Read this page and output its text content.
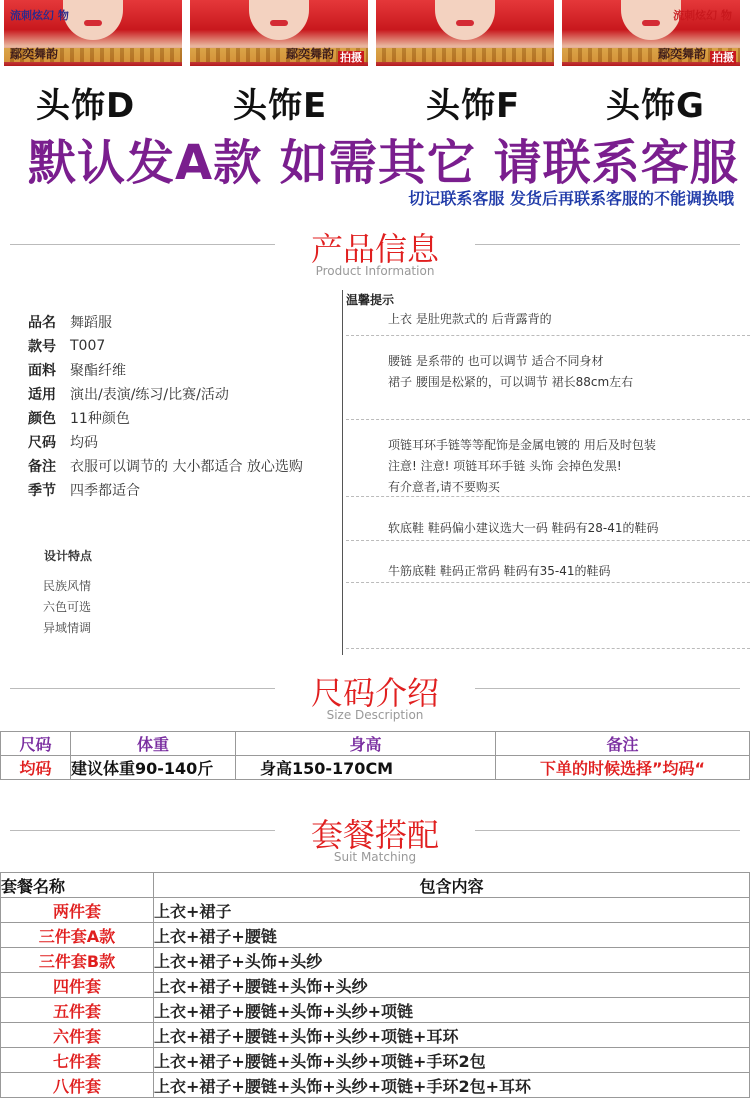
流刺炫幻 物
鄢奕舞韵	鄢奕舞韵 拍摄
流刺炫幻 物
鄢奕舞韵 拍摄
头饰D	头饰E	头饰F	头饰G
默认发A款 如需其它 请联系客服
切记联系客服 发货后再联系客服的不能调换哦
产品信息
Product Information
品名	舞蹈服
款号	T007
面料	聚酯纤维
适用	演出/表演/练习/比赛/活动
颜色	11种颜色
尺码	均码
备注	衣服可以调节的 大小都适合 放心选购
季节	四季都适合
设计特点
民族风情
六色可选
异域情调
温馨提示
上衣 是肚兜款式的 后背露背的
腰链 是系带的 也可以调节 适合不同身材
裙子 腰围是松紧的，可以调节 裙长88cm左右
项链耳环手链等等配饰是金属电镀的 用后及时包装
注意! 注意! 项链耳环手链 头饰 会掉色发黑!
有介意者,请不要购买
软底鞋 鞋码偏小建议选大一码 鞋码有28-41的鞋码
牛筋底鞋 鞋码正常码 鞋码有35-41的鞋码
尺码介绍
Size Description
尺码	体重	身高	备注
均码	建议体重90-140斤	身高150-170CM	下单的时候选择”均码“
套餐搭配
Suit Matching
套餐名称	包含内容
两件套	上衣+裙子
三件套A款	上衣+裙子+腰链
三件套B款	上衣+裙子+头饰+头纱
四件套	上衣+裙子+腰链+头饰+头纱
五件套	上衣+裙子+腰链+头饰+头纱+项链
六件套	上衣+裙子+腰链+头饰+头纱+项链+耳环
七件套	上衣+裙子+腰链+头饰+头纱+项链+手环2包
八件套	上衣+裙子+腰链+头饰+头纱+项链+手环2包+耳环
